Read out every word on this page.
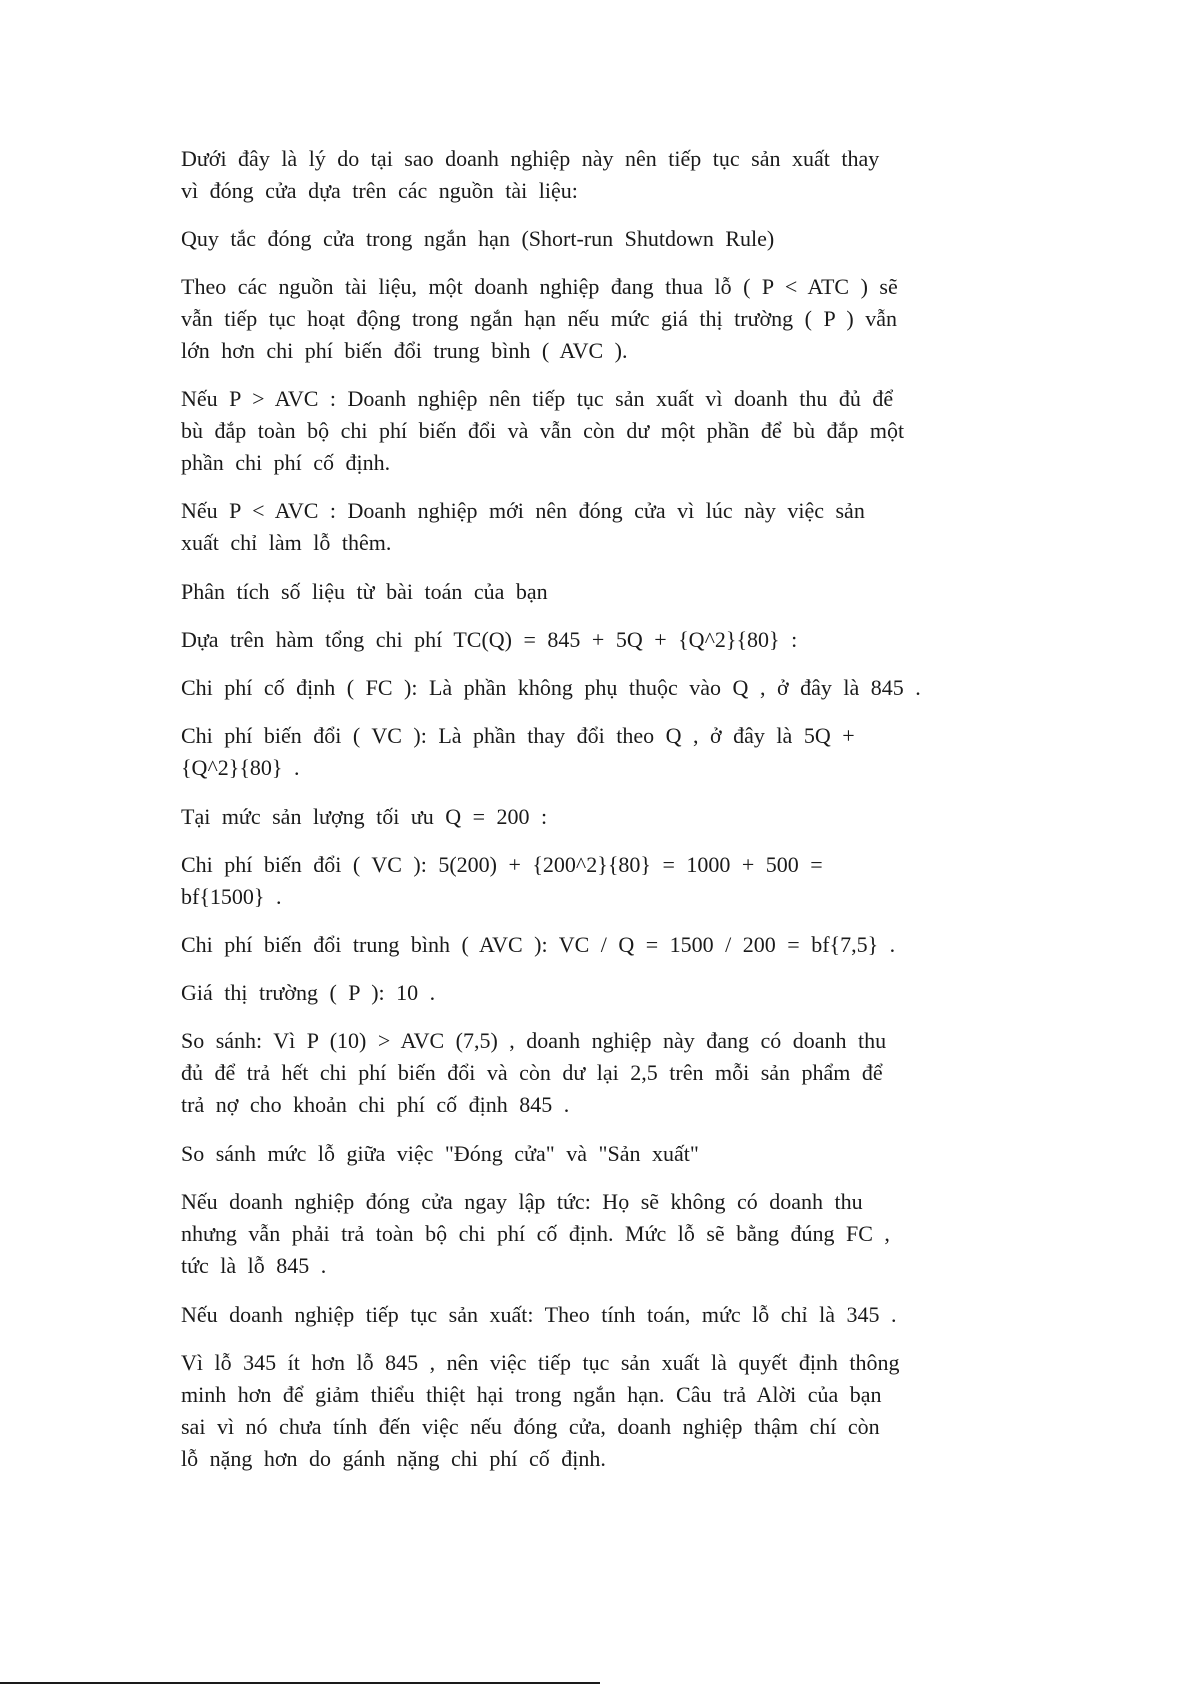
Dưới đây là lý do tại sao doanh nghiệp này nên tiếp tục sản xuất thay
vì đóng cửa dựa trên các nguồn tài liệu:

Quy tắc đóng cửa trong ngắn hạn (Short-run Shutdown Rule)

Theo các nguồn tài liệu, một doanh nghiệp đang thua lỗ ( P < ATC ) sẽ
vẫn tiếp tục hoạt động trong ngắn hạn nếu mức giá thị trường ( P ) vẫn
lớn hơn chi phí biến đổi trung bình ( AVC ).

Nếu P > AVC : Doanh nghiệp nên tiếp tục sản xuất vì doanh thu đủ để
bù đắp toàn bộ chi phí biến đổi và vẫn còn dư một phần để bù đắp một
phần chi phí cố định.

Nếu P < AVC : Doanh nghiệp mới nên đóng cửa vì lúc này việc sản
xuất chỉ làm lỗ thêm.

Phân tích số liệu từ bài toán của bạn

Dựa trên hàm tổng chi phí TC(Q) = 845 + 5Q + {Q^2}{80} :

Chi phí cố định ( FC ): Là phần không phụ thuộc vào Q , ở đây là 845 .

Chi phí biến đổi ( VC ): Là phần thay đổi theo Q , ở đây là 5Q +
{Q^2}{80} .

Tại mức sản lượng tối ưu Q = 200 :

Chi phí biến đổi ( VC ): 5(200) + {200^2}{80} = 1000 + 500 =
bf{1500} .

Chi phí biến đổi trung bình ( AVC ): VC / Q = 1500 / 200 = bf{7,5} .

Giá thị trường ( P ): 10 .

So sánh: Vì P (10) > AVC (7,5) , doanh nghiệp này đang có doanh thu
đủ để trả hết chi phí biến đổi và còn dư lại 2,5 trên mỗi sản phẩm để
trả nợ cho khoản chi phí cố định 845 .

So sánh mức lỗ giữa việc "Đóng cửa" và "Sản xuất"

Nếu doanh nghiệp đóng cửa ngay lập tức: Họ sẽ không có doanh thu
nhưng vẫn phải trả toàn bộ chi phí cố định. Mức lỗ sẽ bằng đúng FC ,
tức là lỗ 845 .

Nếu doanh nghiệp tiếp tục sản xuất: Theo tính toán, mức lỗ chỉ là 345 .

Vì lỗ 345 ít hơn lỗ 845 , nên việc tiếp tục sản xuất là quyết định thông
minh hơn để giảm thiểu thiệt hại trong ngắn hạn. Câu trả Alời của bạn
sai vì nó chưa tính đến việc nếu đóng cửa, doanh nghiệp thậm chí còn
lỗ nặng hơn do gánh nặng chi phí cố định.
